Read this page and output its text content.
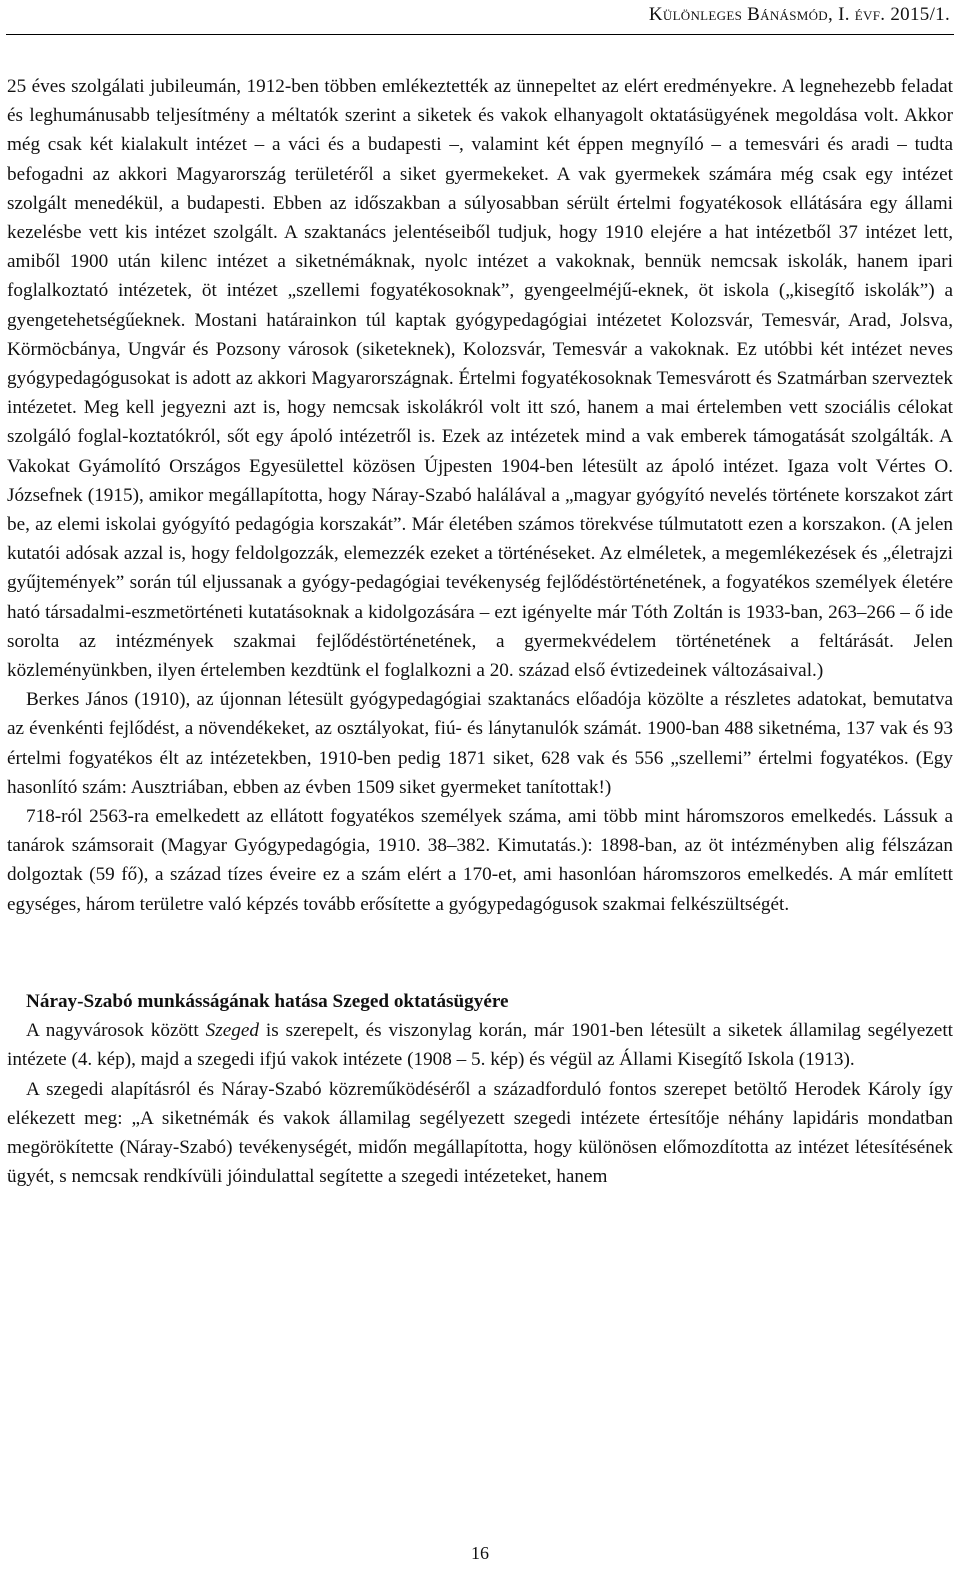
Különleges Bánásmód, I. évf. 2015/1.

25 éves szolgálati jubileumán, 1912-ben többen emlékeztették az ünnepeltet az elért eredményekre. A legnehezebb feladat és leghumánusabb teljesítmény a méltatók szerint a siketek és vakok elhanyagolt oktatásügyének megoldása volt. Akkor még csak két kialakult intézet – a váci és a budapesti –, valamint két éppen megnyíló – a temesvári és aradi – tudta befogadni az akkori Magyarország területéről a siket gyermekeket. A vak gyermekek számára még csak egy intézet szolgált menedékül, a budapesti. Ebben az időszakban a súlyosabban sérült értelmi fogyatékosok ellátására egy állami kezelésbe vett kis intézet szolgált. A szaktanács jelentéseiből tudjuk, hogy 1910 elejére a hat intézetből 37 intézet lett, amiből 1900 után kilenc intézet a siketnémáknak, nyolc intézet a vakoknak, bennük nemcsak iskolák, hanem ipari foglalkoztató intézetek, öt intézet „szellemi fogyatékosoknak”, gyengeelméjű-eknek, öt iskola („kisegítő iskolák”) a gyengetehetségűeknek. Mostani határainkon túl kaptak gyógypedagógiai intézetet Kolozsvár, Temesvár, Arad, Jolsva, Körmöcbánya, Ungvár és Pozsony városok (siketeknek), Kolozsvár, Temesvár a vakoknak. Ez utóbbi két intézet neves gyógypedagógusokat is adott az akkori Magyarországnak. Értelmi fogyatékosoknak Temesvárott és Szatmárban szerveztek intézetet. Meg kell jegyezni azt is, hogy nemcsak iskolákról volt itt szó, hanem a mai értelemben vett szociális célokat szolgáló foglal-koztatókról, sőt egy ápoló intézetről is. Ezek az intézetek mind a vak emberek támogatását szolgálták. A Vakokat Gyámolító Országos Egyesülettel közösen Újpesten 1904-ben létesült az ápoló intézet. Igaza volt Vértes O. Józsefnek (1915), amikor megállapította, hogy Náray-Szabó halálával a „magyar gyógyító nevelés története korszakot zárt be, az elemi iskolai gyógyító pedagógia korszakát”. Már életében számos törekvése túlmutatott ezen a korszakon. (A jelen kutatói adósak azzal is, hogy feldolgozzák, elemezzék ezeket a történéseket. Az elméletek, a megemlékezések és „életrajzi gyűjtemények” során túl eljussanak a gyógy-pedagógiai tevékenység fejlődéstörténetének, a fogyatékos személyek életére ható társadalmi-eszmetörténeti kutatásoknak a kidolgozására – ezt igényelte már Tóth Zoltán is 1933-ban, 263–266 – ő ide sorolta az intézmények szakmai fejlődéstörténetének, a gyermekvédelem történetének a feltárását. Jelen közleményünkben, ilyen értelemben kezdtünk el foglalkozni a 20. század első évtizedeinek változásaival.)

Berkes János (1910), az újonnan létesült gyógypedagógiai szaktanács előadója közölte a részletes adatokat, bemutatva az évenkénti fejlődést, a növendékeket, az osztályokat, fiú- és lánytanulók számát. 1900-ban 488 siketnéma, 137 vak és 93 értelmi fogyatékos élt az intézetekben, 1910-ben pedig 1871 siket, 628 vak és 556 „szellemi” értelmi fogyatékos. (Egy hasonlító szám: Ausztriában, ebben az évben 1509 siket gyermeket tanítottak!)

718-ról 2563-ra emelkedett az ellátott fogyatékos személyek száma, ami több mint háromszoros emelkedés. Lássuk a tanárok számsorait (Magyar Gyógypedagógia, 1910. 38–382. Kimutatás.): 1898-ban, az öt intézményben alig félszázan dolgoztak (59 fő), a század tízes éveire ez a szám elért a 170-et, ami hasonlóan háromszoros emelkedés. A már említett egységes, három területre való képzés tovább erősítette a gyógypedagógusok szakmai felkészültségét.

Náray-Szabó munkásságának hatása Szeged oktatásügyére

A nagyvárosok között Szeged is szerepelt, és viszonylag korán, már 1901-ben létesült a siketek államilag segélyezett intézete (4. kép), majd a szegedi ifjú vakok intézete (1908 – 5. kép) és végül az Állami Kisegítő Iskola (1913).

A szegedi alapításról és Náray-Szabó közreműködéséről a századforduló fontos szerepet betöltő Herodek Károly így elékezett meg: „A siketnémák és vakok államilag segélyezett szegedi intézete értesítője néhány lapidáris mondatban megörökítette (Náray-Szabó) tevékenységét, midőn megállapította, hogy különösen előmozdította az intézet létesítésének ügyét, s nemcsak rendkívüli jóindulattal segítette a szegedi intézeteket, hanem

16
